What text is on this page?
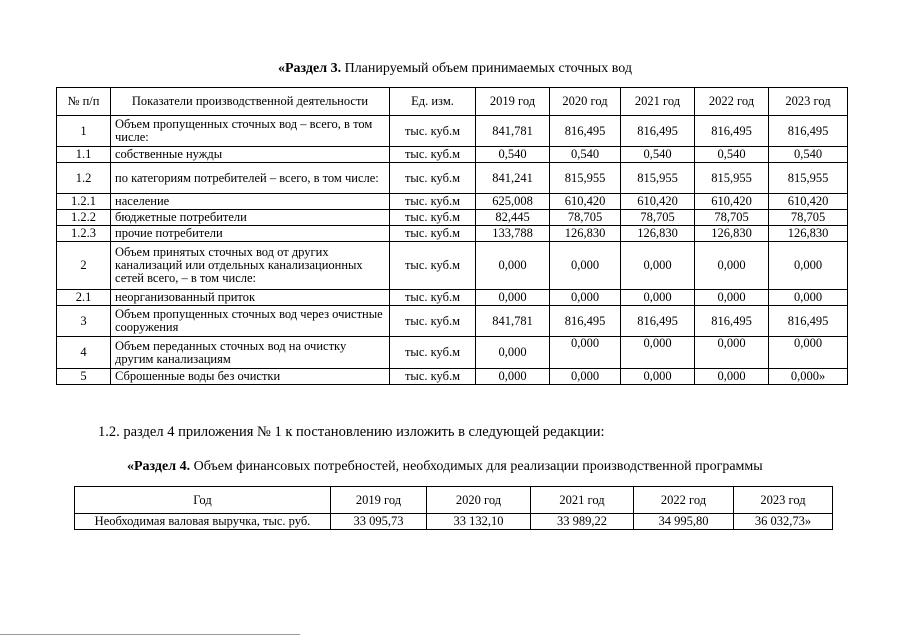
«Раздел 3. Планируемый объем принимаемых сточных вод
№ п/п	Показатели производственной деятельности	Ед. изм.	2019 год	2020 год	2021 год	2022 год	2023 год
1	Объем пропущенных сточных вод – всего, в том числе:	тыс. куб.м	841,781	816,495	816,495	816,495	816,495
1.1	собственные нужды	тыс. куб.м	0,540	0,540	0,540	0,540	0,540
1.2	по категориям потребителей – всего, в том числе:	тыс. куб.м	841,241	815,955	815,955	815,955	815,955
1.2.1	население	тыс. куб.м	625,008	610,420	610,420	610,420	610,420
1.2.2	бюджетные потребители	тыс. куб.м	82,445	78,705	78,705	78,705	78,705
1.2.3	прочие потребители	тыс. куб.м	133,788	126,830	126,830	126,830	126,830
2	Объем принятых сточных вод от других канализаций или отдельных канализационных сетей всего, – в том числе:	тыс. куб.м	0,000	0,000	0,000	0,000	0,000
2.1	неорганизованный приток	тыс. куб.м	0,000	0,000	0,000	0,000	0,000
3	Объем пропущенных сточных вод через очистные сооружения	тыс. куб.м	841,781	816,495	816,495	816,495	816,495
4	Объем переданных сточных вод на очистку другим канализациям	тыс. куб.м	0,000	0,000	0,000	0,000	0,000
5	Сброшенные воды без очистки	тыс. куб.м	0,000	0,000	0,000	0,000	0,000»
1.2. раздел 4 приложения № 1 к постановлению изложить в следующей редакции:
«Раздел 4. Объем финансовых потребностей, необходимых для реализации производственной программы
Год	2019 год	2020 год	2021 год	2022 год	2023 год
Необходимая валовая выручка, тыс. руб.	33 095,73	33 132,10	33 989,22	34 995,80	36 032,73»
